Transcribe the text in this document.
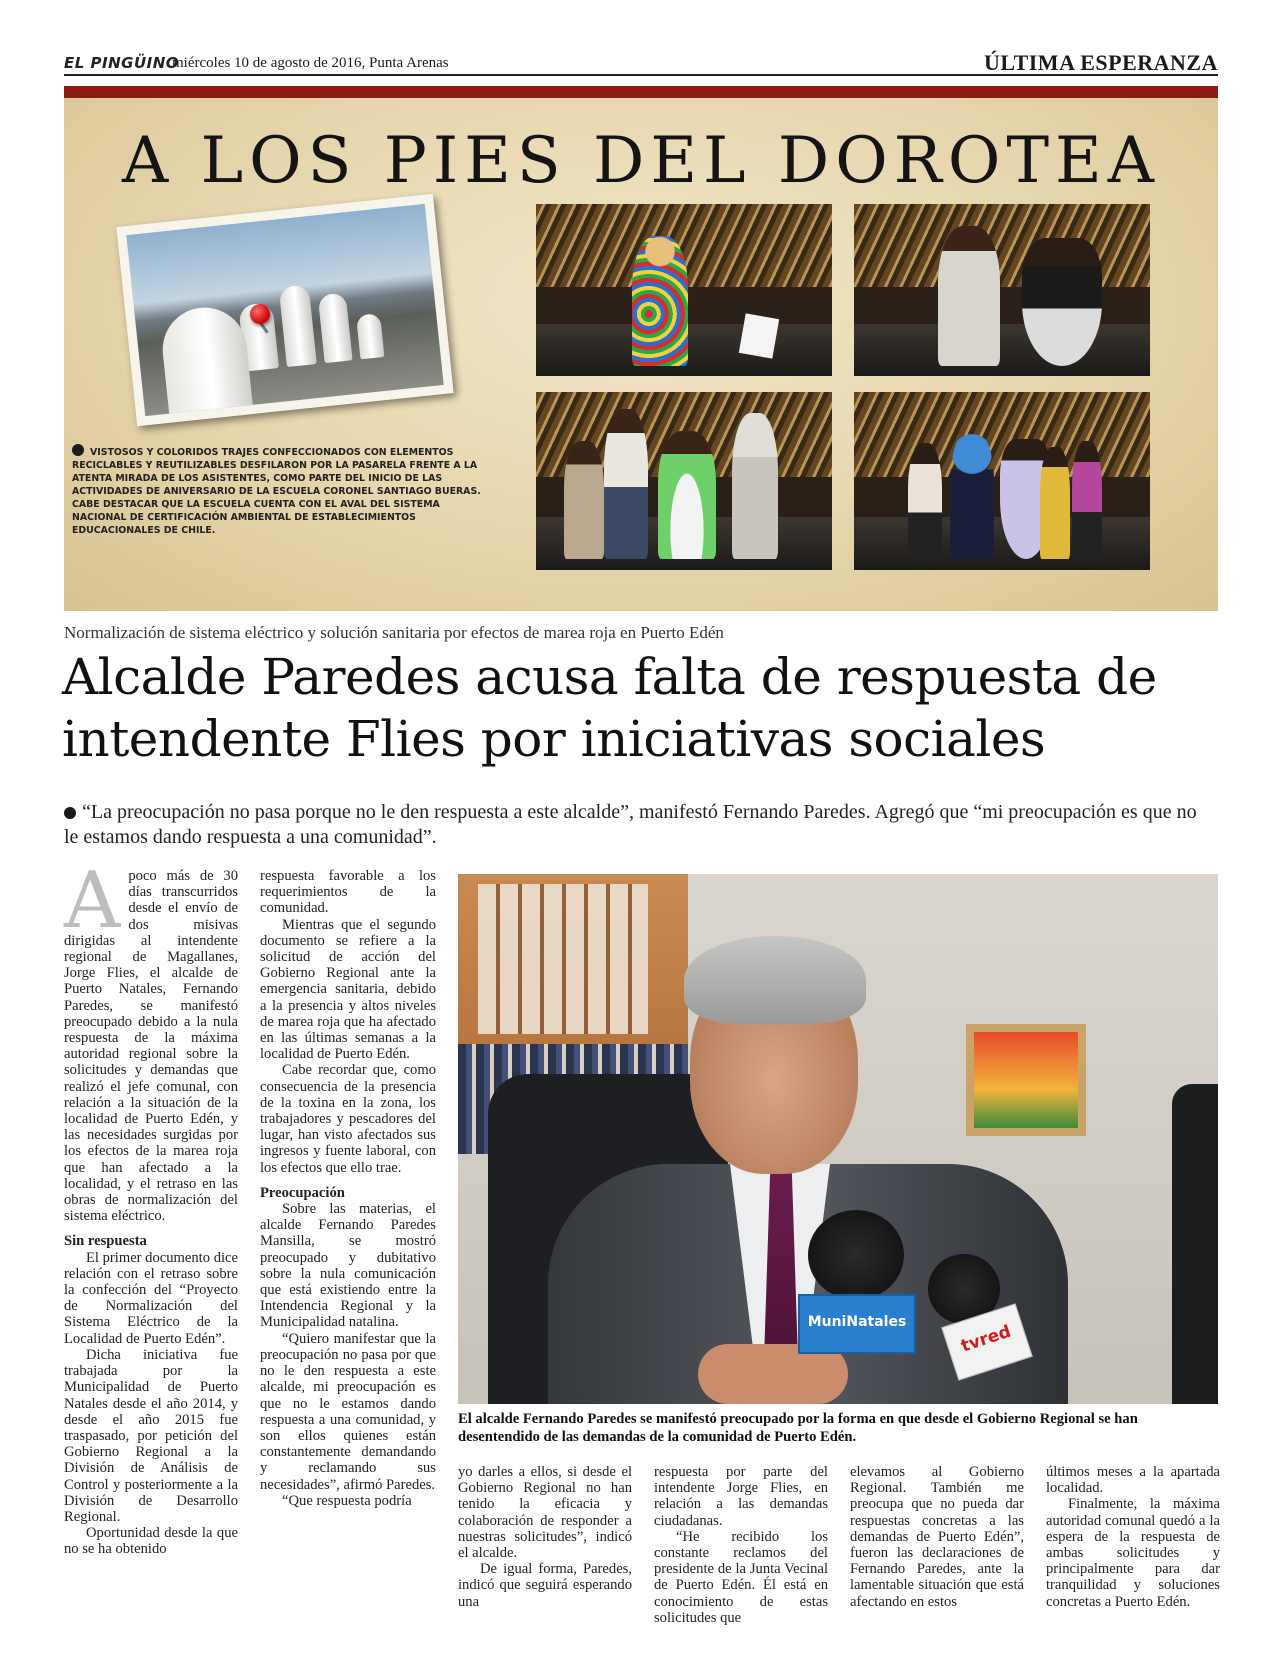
EL PINGÜINO
miércoles 10 de agosto de 2016, Punta Arenas	ÚLTIMA ESPERANZA
A LOS PIES DEL DOROTEA
VISTOSOS Y COLORIDOS TRAJES CONFECCIONADOS CON ELEMENTOS RECICLABLES Y REUTILIZABLES DESFILARON POR LA PASARELA FRENTE A LA ATENTA MIRADA DE LOS ASISTENTES, COMO PARTE DEL INICIO DE LAS ACTIVIDADES DE ANIVERSARIO DE LA ESCUELA CORONEL SANTIAGO BUERAS. CABE DESTACAR QUE LA ESCUELA CUENTA CON EL AVAL DEL SISTEMA NACIONAL DE CERTIFICACIÓN AMBIENTAL DE ESTABLECIMIENTOS EDUCACIONALES DE CHILE.
Normalización de sistema eléctrico y solución sanitaria por efectos de marea roja en Puerto Edén
Alcalde Paredes acusa falta de respuesta de intendente Flies por iniciativas sociales
“La preocupación no pasa porque no le den respuesta a este alcalde”, manifestó Fernando Paredes. Agregó que “mi preocupación es que no le estamos dando respuesta a una comunidad”.

Apoco más de 30 días transcurridos desde el envío de dos misivas dirigidas al intendente regional de Magallanes, Jorge Flies, el alcalde de Puerto Natales, Fernando Paredes, se manifestó preocupado debido a la nula respuesta de la máxima autoridad regional sobre la solicitudes y demandas que realizó el jefe comunal, con relación a la situación de la localidad de Puerto Edén, y las necesidades surgidas por los efectos de la marea roja que han afectado a la localidad, y el retraso en las obras de normalización del sistema eléctrico.

Sin respuesta

El primer documento dice relación con el retraso sobre la confección del “Proyecto de Normalización del Sistema Eléctrico de la Localidad de Puerto Edén”.

Dicha iniciativa fue trabajada por la Municipalidad de Puerto Natales desde el año 2014, y desde el año 2015 fue traspasado, por petición del Gobierno Regional a la División de Análisis de Control y posteriormente a la División de Desarrollo Regional.

Oportunidad desde la que no se ha obtenido

respuesta favorable a los requerimientos de la comunidad.

Mientras que el segundo documento se refiere a la solicitud de acción del Gobierno Regional ante la emergencia sanitaria, debido a la presencia y altos niveles de marea roja que ha afectado en las últimas semanas a la localidad de Puerto Edén.

Cabe recordar que, como consecuencia de la presencia de la toxina en la zona, los trabajadores y pescadores del lugar, han visto afectados sus ingresos y fuente laboral, con los efectos que ello trae.

Preocupación

Sobre las materias, el alcalde Fernando Paredes Mansilla, se mostró preocupado y dubitativo sobre la nula comunicación que está existiendo entre la Intendencia Regional y la Municipalidad natalina.

“Quiero manifestar que la preocupación no pasa por que no le den respuesta a este alcalde, mi preocupación es que no le estamos dando respuesta a una comunidad, y son ellos quienes están constantemente demandando y reclamando sus necesidades”, afirmó Paredes.

“Que respuesta podría

MuniNatales	tvred
El alcalde Fernando Paredes se manifestó preocupado por la forma en que desde el Gobierno Regional se han desentendido de las demandas de la comunidad de Puerto Edén.

yo darles a ellos, si desde el Gobierno Regional no han tenido la eficacia y colaboración de responder a nuestras solicitudes”, indicó el alcalde.

De igual forma, Paredes, indicó que seguirá esperando una

respuesta por parte del intendente Jorge Flies, en relación a las demandas ciudadanas.

“He recibido los constante reclamos del presidente de la Junta Vecinal de Puerto Edén. Él está en conocimiento de estas solicitudes que

elevamos al Gobierno Regional. También me preocupa que no pueda dar respuestas concretas a las demandas de Puerto Edén”, fueron las declaraciones de Fernando Paredes, ante la lamentable situación que está afectando en estos

últimos meses a la apartada localidad.

Finalmente, la máxima autoridad comunal quedó a la espera de la respuesta de ambas solicitudes y principalmente para dar tranquilidad y soluciones concretas a Puerto Edén.
